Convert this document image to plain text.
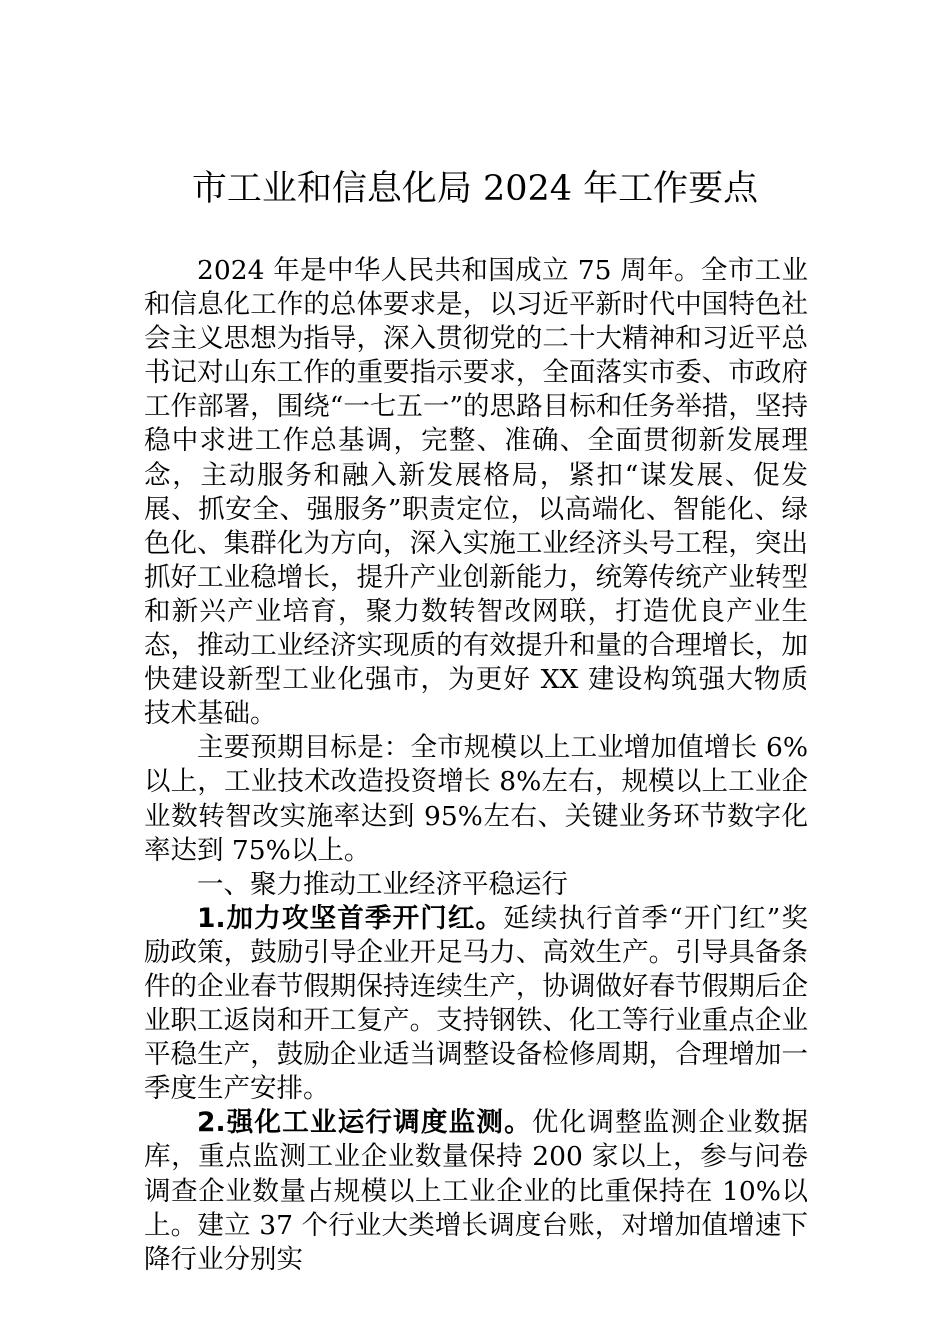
市工业和信息化局 2024 年工作要点

2024 年是中华人民共和国成立 75 周年。全市工业和信息化工作的总体要求是，以习近平新时代中国特色社会主义思想为指导，深入贯彻党的二十大精神和习近平总书记对山东工作的重要指示要求，全面落实市委、市政府工作部署，围绕“一七五一”的思路目标和任务举措，坚持稳中求进工作总基调，完整、准确、全面贯彻新发展理念，主动服务和融入新发展格局，紧扣“谋发展、促发展、抓安全、强服务”职责定位，以高端化、智能化、绿色化、集群化为方向，深入实施工业经济头号工程，突出抓好工业稳增长，提升产业创新能力，统筹传统产业转型和新兴产业培育，聚力数转智改网联，打造优良产业生态，推动工业经济实现质的有效提升和量的合理增长，加快建设新型工业化强市，为更好 XX 建设构筑强大物质技术基础。

主要预期目标是：全市规模以上工业增加值增长 6%以上，工业技术改造投资增长 8%左右，规模以上工业企业数转智改实施率达到 95%左右、关键业务环节数字化率达到 75%以上。

一、聚力推动工业经济平稳运行

1.加力攻坚首季开门红。延续执行首季“开门红”奖励政策，鼓励引导企业开足马力、高效生产。引导具备条件的企业春节假期保持连续生产，协调做好春节假期后企业职工返岗和开工复产。支持钢铁、化工等行业重点企业平稳生产，鼓励企业适当调整设备检修周期，合理增加一季度生产安排。

2.强化工业运行调度监测。优化调整监测企业数据库，重点监测工业企业数量保持 200 家以上，参与问卷调查企业数量占规模以上工业企业的比重保持在 10%以上。建立 37 个行业大类增长调度台账，对增加值增速下降行业分别实
